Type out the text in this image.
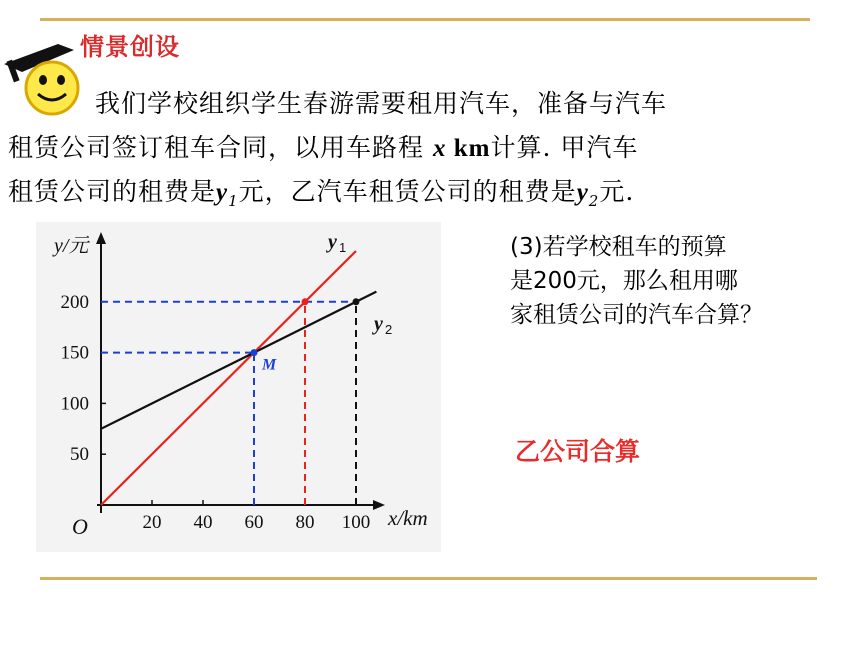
情景创设
我们学校组织学生春游需要租用汽车，准备与汽车
租赁公司签订租车合同，以用车路程 x km计算. 甲汽车
租赁公司的租费是$y_1$元，乙汽车租赁公司的租费是$y_2$元.
y/元
x/km
O	20 40 60 80 100
50
100
150
200
y 1
y 2
M
(3)若学校租车的预算
是200元，那么租用哪
家租赁公司的汽车合算？
乙公司合算
